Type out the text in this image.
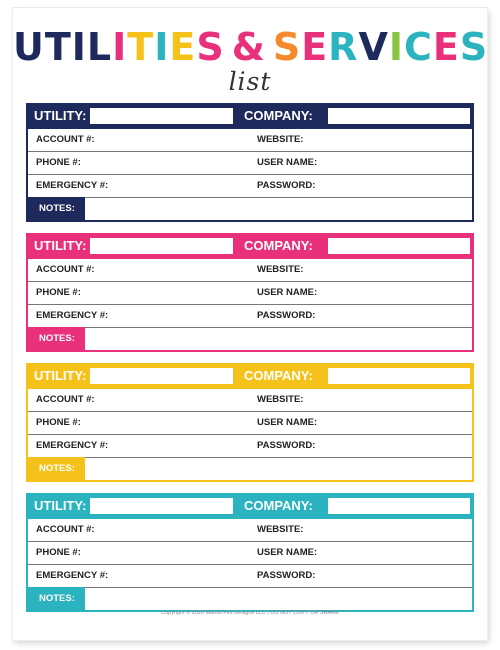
UTILITIES & SERVICES
list
UTILITY:	COMPANY:
ACCOUNT #:	WEBSITE:
PHONE #:	USER NAME:
EMERGENCY #:	PASSWORD:
NOTES:
UTILITY:	COMPANY:
ACCOUNT #:	WEBSITE:
PHONE #:	USER NAME:
EMERGENCY #:	PASSWORD:
NOTES:
UTILITY:	COMPANY:
ACCOUNT #:	WEBSITE:
PHONE #:	USER NAME:
EMERGENCY #:	PASSWORD:
NOTES:
UTILITY:	COMPANY:
ACCOUNT #:	WEBSITE:
PHONE #:	USER NAME:
EMERGENCY #:	PASSWORD:
NOTES:
Copyright © 2020 Mantis Fire Designs LLC | DO NOT COPY OR SHARE
